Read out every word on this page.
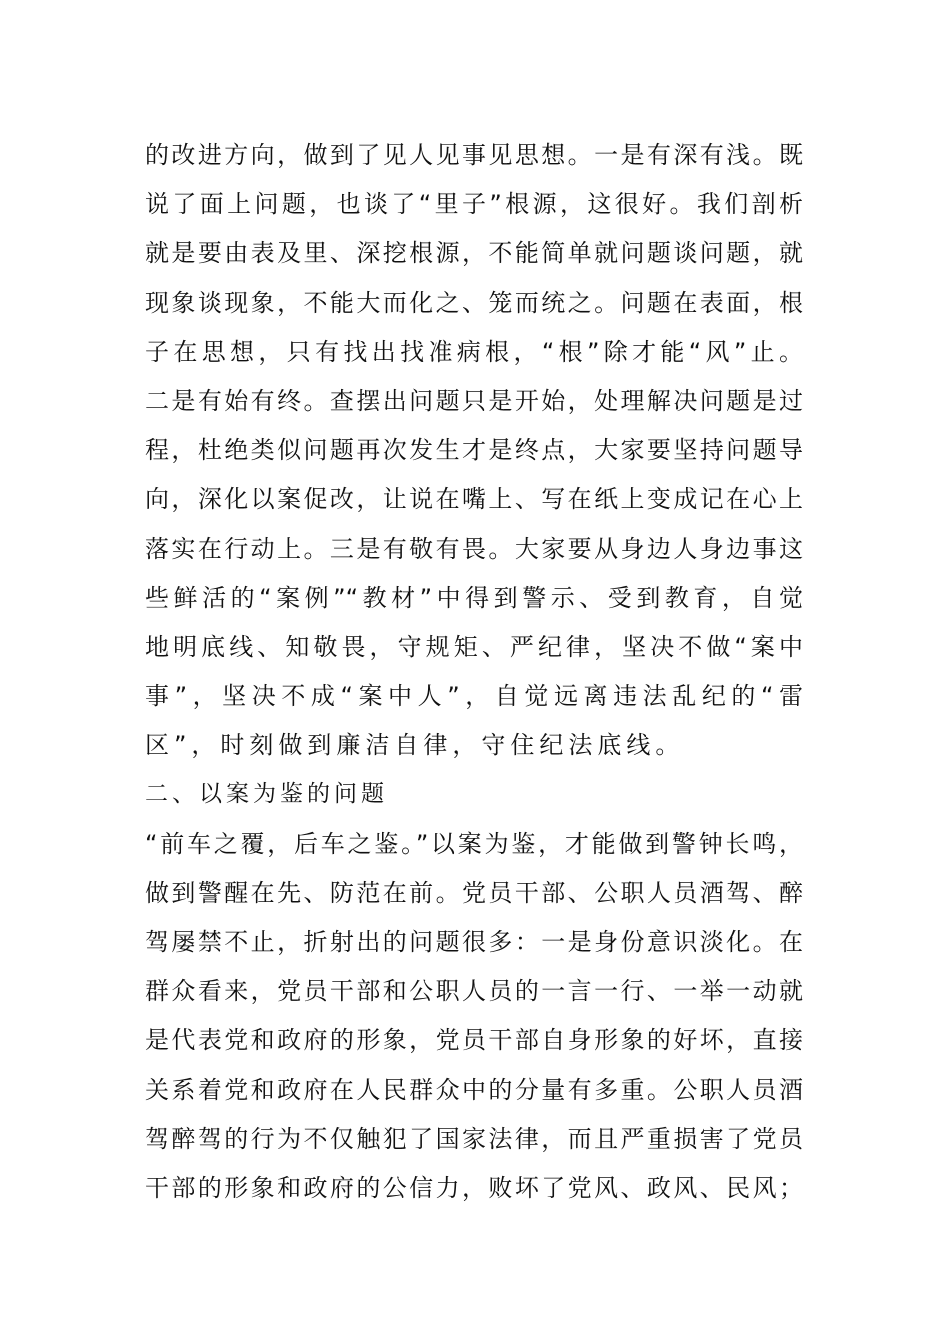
的改进方向，做到了见人见事见思想。一是有深有浅。既
说了面上问题，也谈了“里子”根源，这很好。我们剖析
就是要由表及里、深挖根源，不能简单就问题谈问题，就
现象谈现象，不能大而化之、笼而统之。问题在表面，根
子在思想，只有找出找准病根，“根”除才能“风”止。
二是有始有终。查摆出问题只是开始，处理解决问题是过
程，杜绝类似问题再次发生才是终点，大家要坚持问题导
向，深化以案促改，让说在嘴上、写在纸上变成记在心上
落实在行动上。三是有敬有畏。大家要从身边人身边事这
些鲜活的“案例”“教材”中得到警示、受到教育，自觉
地明底线、知敬畏，守规矩、严纪律，坚决不做“案中
事”，坚决不成“案中人”，自觉远离违法乱纪的“雷
区”，时刻做到廉洁自律，守住纪法底线。
二、以案为鉴的问题
“前车之覆，后车之鉴。”以案为鉴，才能做到警钟长鸣，
做到警醒在先、防范在前。党员干部、公职人员酒驾、醉
驾屡禁不止，折射出的问题很多：一是身份意识淡化。在
群众看来，党员干部和公职人员的一言一行、一举一动就
是代表党和政府的形象，党员干部自身形象的好坏，直接
关系着党和政府在人民群众中的分量有多重。公职人员酒
驾醉驾的行为不仅触犯了国家法律，而且严重损害了党员
干部的形象和政府的公信力，败坏了党风、政风、民风；
